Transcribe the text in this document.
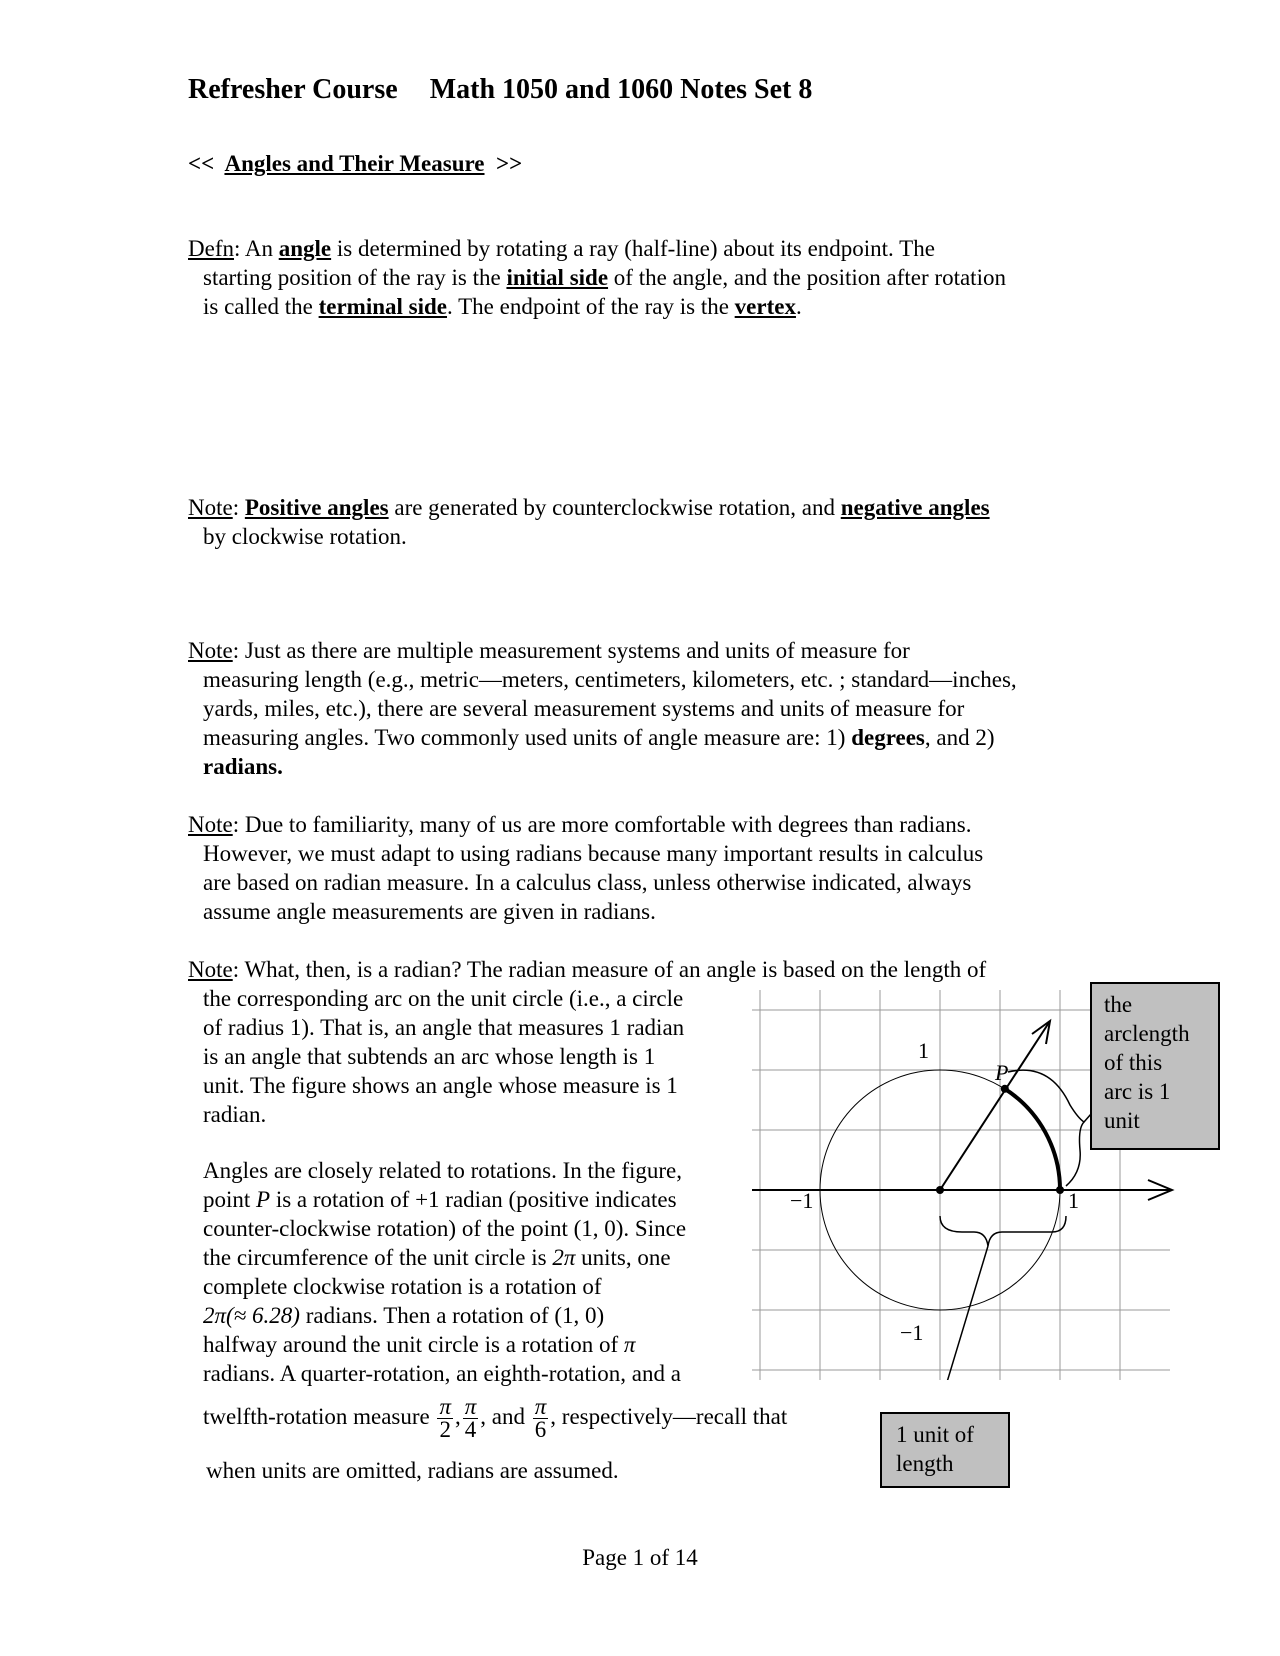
Refresher Course Math 1050 and 1060 Notes Set 8
<< Angles and Their Measure >>
Defn: An angle is determined by rotating a ray (half-line) about its endpoint. The
starting position of the ray is the initial side of the angle, and the position after rotation
is called the terminal side. The endpoint of the ray is the vertex.
Note: Positive angles are generated by counterclockwise rotation, and negative angles
by clockwise rotation.
Note: Just as there are multiple measurement systems and units of measure for
measuring length (e.g., metric—meters, centimeters, kilometers, etc. ; standard—inches,
yards, miles, etc.), there are several measurement systems and units of measure for
measuring angles. Two commonly used units of angle measure are: 1) degrees, and 2)
radians.
Note: Due to familiarity, many of us are more comfortable with degrees than radians.
However, we must adapt to using radians because many important results in calculus
are based on radian measure. In a calculus class, unless otherwise indicated, always
assume angle measurements are given in radians.
Note: What, then, is a radian? The radian measure of an angle is based on the length of
the corresponding arc on the unit circle (i.e., a circle
of radius 1). That is, an angle that measures 1 radian
is an angle that subtends an arc whose length is 1
unit. The figure shows an angle whose measure is 1
radian.
Angles are closely related to rotations. In the figure,
point P is a rotation of +1 radian (positive indicates
counter-clockwise rotation) of the point (1, 0). Since
the circumference of the unit circle is 2π units, one
complete clockwise rotation is a rotation of
2π(≈ 6.28) radians. Then a rotation of (1, 0)
halfway around the unit circle is a rotation of π
radians. A quarter-rotation, an eighth-rotation, and a
twelfth-rotation measure $\frac{\pi}{2}$ , $\frac{\pi}{4}$ , and $\frac{\pi}{6}$ , respectively—recall that
when units are omitted, radians are assumed.
1
−1	1
−1
P
the
arclength
of this
arc is 1
unit
1 unit of
length
Page 1 of 14
